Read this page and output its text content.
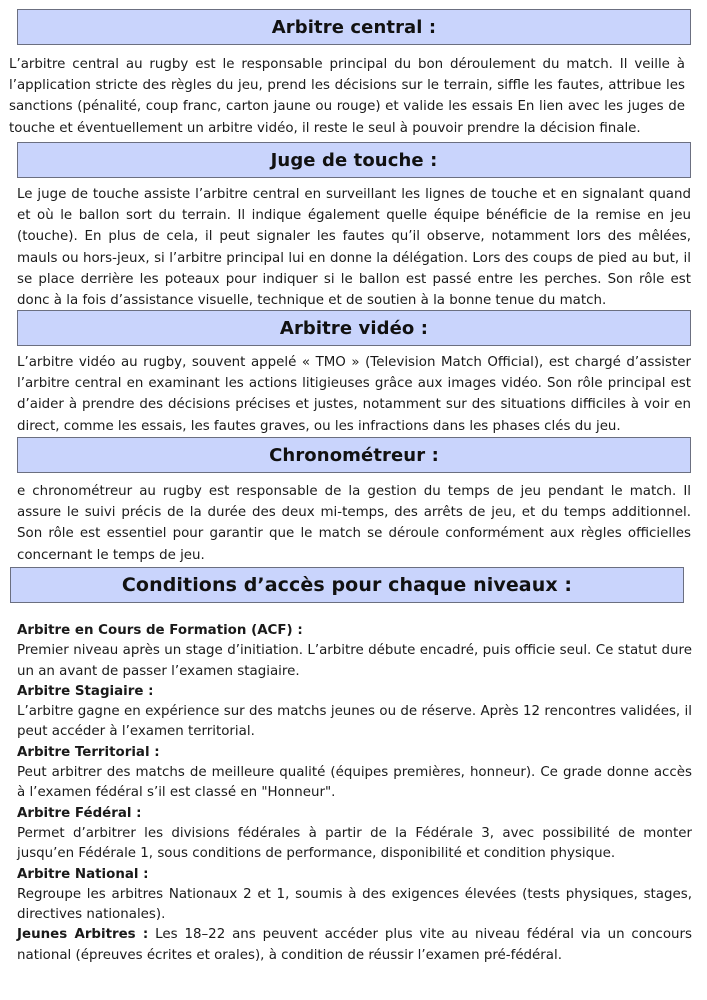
Arbitre central :

L’arbitre central au rugby est le responsable principal du bon déroulement du match. Il veille à l’application stricte des règles du jeu, prend les décisions sur le terrain, siffle les fautes, attribue les sanctions (pénalité, coup franc, carton jaune ou rouge) et valide les essais En lien avec les juges de touche et éventuellement un arbitre vidéo, il reste le seul à pouvoir prendre la décision finale.

Juge de touche :

Le juge de touche assiste l’arbitre central en surveillant les lignes de touche et en signalant quand et où le ballon sort du terrain. Il indique également quelle équipe bénéficie de la remise en jeu (touche). En plus de cela, il peut signaler les fautes qu’il observe, notamment lors des mêlées, mauls ou hors-jeux, si l’arbitre principal lui en donne la délégation. Lors des coups de pied au but, il se place derrière les poteaux pour indiquer si le ballon est passé entre les perches. Son rôle est donc à la fois d’assistance visuelle, technique et de soutien à la bonne tenue du match.

Arbitre vidéo :

L’arbitre vidéo au rugby, souvent appelé « TMO » (Television Match Official), est chargé d’assister l’arbitre central en examinant les actions litigieuses grâce aux images vidéo. Son rôle principal est d’aider à prendre des décisions précises et justes, notamment sur des situations difficiles à voir en direct, comme les essais, les fautes graves, ou les infractions dans les phases clés du jeu.

Chronométreur :

e chronométreur au rugby est responsable de la gestion du temps de jeu pendant le match. Il assure le suivi précis de la durée des deux mi-temps, des arrêts de jeu, et du temps additionnel. Son rôle est essentiel pour garantir que le match se déroule conformément aux règles officielles concernant le temps de jeu.

Conditions d’accès pour chaque niveaux :
Arbitre en Cours de Formation (ACF) :
Premier niveau après un stage d’initiation. L’arbitre débute encadré, puis officie seul. Ce statut dure un an avant de passer l’examen stagiaire.
Arbitre Stagiaire :
L’arbitre gagne en expérience sur des matchs jeunes ou de réserve. Après 12 rencontres validées, il peut accéder à l’examen territorial.
Arbitre Territorial :
Peut arbitrer des matchs de meilleure qualité (équipes premières, honneur). Ce grade donne accès à l’examen fédéral s’il est classé en "Honneur".
Arbitre Fédéral :
Permet d’arbitrer les divisions fédérales à partir de la Fédérale 3, avec possibilité de monter jusqu’en Fédérale 1, sous conditions de performance, disponibilité et condition physique.
Arbitre National :
Regroupe les arbitres Nationaux 2 et 1, soumis à des exigences élevées (tests physiques, stages, directives nationales).
Jeunes Arbitres : Les 18–22 ans peuvent accéder plus vite au niveau fédéral via un concours national (épreuves écrites et orales), à condition de réussir l’examen pré-fédéral.
